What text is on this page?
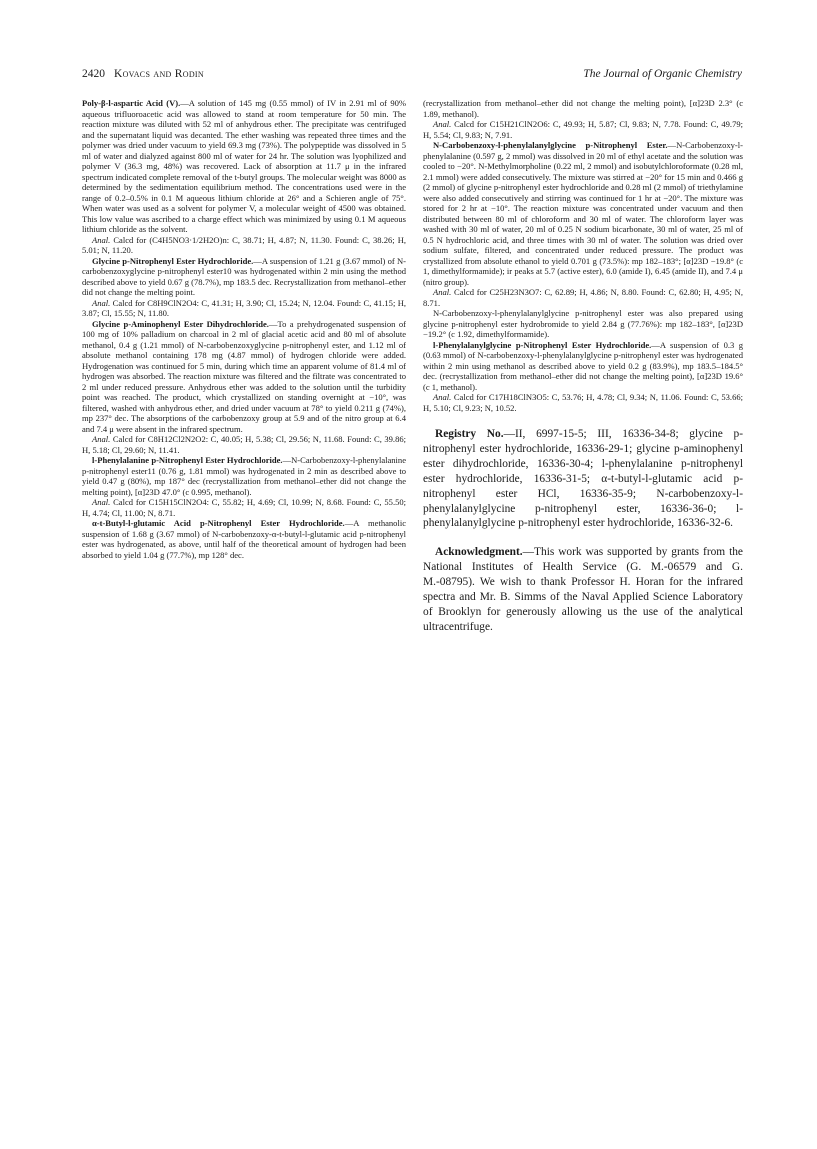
2420 Kovacs and Rodin	The Journal of Organic Chemistry

Poly-β-l-aspartic Acid (V).—A solution of 145 mg (0.55 mmol) of IV in 2.91 ml of 90% aqueous trifluoroacetic acid was allowed to stand at room temperature for 50 min. The reaction mixture was diluted with 52 ml of anhydrous ether. The precipitate was centrifuged and the supernatant liquid was decanted. The ether washing was repeated three times and the polymer was dried under vacuum to yield 69.3 mg (73%). The polypeptide was dissolved in 5 ml of water and dialyzed against 800 ml of water for 24 hr. The solution was lyophilized and polymer V (36.3 mg, 48%) was recovered. Lack of absorption at 11.7 μ in the infrared spectrum indicated complete removal of the t-butyl groups. The molecular weight was 8000 as determined by the sedimentation equilibrium method. The concentrations used were in the range of 0.2–0.5% in 0.1 M aqueous lithium chloride at 26° and a Schieren angle of 75°. When water was used as a solvent for polymer V, a molecular weight of 4500 was obtained. This low value was ascribed to a charge effect which was minimized by using 0.1 M aqueous lithium chloride as the solvent.

Anal. Calcd for (C4H5NO3·1/2H2O)n: C, 38.71; H, 4.87; N, 11.30. Found: C, 38.26; H, 5.01; N, 11.20.

Glycine p-Nitrophenyl Ester Hydrochloride.—A suspension of 1.21 g (3.67 mmol) of N-carbobenzoxyglycine p-nitrophenyl ester10 was hydrogenated within 2 min using the method described above to yield 0.67 g (78.7%), mp 183.5 dec. Recrystallization from methanol–ether did not change the melting point.

Anal. Calcd for C8H9ClN2O4: C, 41.31; H, 3.90; Cl, 15.24; N, 12.04. Found: C, 41.15; H, 3.87; Cl, 15.55; N, 11.80.

Glycine p-Aminophenyl Ester Dihydrochloride.—To a prehydrogenated suspension of 100 mg of 10% palladium on charcoal in 2 ml of glacial acetic acid and 80 ml of absolute methanol, 0.4 g (1.21 mmol) of N-carbobenzoxyglycine p-nitrophenyl ester, and 1.12 ml of absolute methanol containing 178 mg (4.87 mmol) of hydrogen chloride were added. Hydrogenation was continued for 5 min, during which time an apparent volume of 81.4 ml of hydrogen was absorbed. The reaction mixture was filtered and the filtrate was concentrated to 2 ml under reduced pressure. Anhydrous ether was added to the solution until the turbidity point was reached. The product, which crystallized on standing overnight at −10°, was filtered, washed with anhydrous ether, and dried under vacuum at 78° to yield 0.211 g (74%), mp 237° dec. The absorptions of the carbobenzoxy group at 5.9 and of the nitro group at 6.4 and 7.4 μ were absent in the infrared spectrum.

Anal. Calcd for C8H12Cl2N2O2: C, 40.05; H, 5.38; Cl, 29.56; N, 11.68. Found: C, 39.86; H, 5.18; Cl, 29.60; N, 11.41.

l-Phenylalanine p-Nitrophenyl Ester Hydrochloride.—N-Carbobenzoxy-l-phenylalanine p-nitrophenyl ester11 (0.76 g, 1.81 mmol) was hydrogenated in 2 min as described above to yield 0.47 g (80%), mp 187° dec (recrystallization from methanol–ether did not change the melting point), [α]23D 47.0° (c 0.995, methanol).

Anal. Calcd for C15H15ClN2O4: C, 55.82; H, 4.69; Cl, 10.99; N, 8.68. Found: C, 55.50; H, 4.74; Cl, 11.00; N, 8.71.

α-t-Butyl-l-glutamic Acid p-Nitrophenyl Ester Hydrochloride.—A methanolic suspension of 1.68 g (3.67 mmol) of N-carbobenzoxy-α-t-butyl-l-glutamic acid p-nitrophenyl ester was hydrogenated, as above, until half of the theoretical amount of hydrogen had been absorbed to yield 1.04 g (77.7%), mp 128° dec.

(recrystallization from methanol–ether did not change the melting point), [α]23D 2.3° (c 1.89, methanol).

Anal. Calcd for C15H21ClN2O6: C, 49.93; H, 5.87; Cl, 9.83; N, 7.78. Found: C, 49.79; H, 5.54; Cl, 9.83; N, 7.91.

N-Carbobenzoxy-l-phenylalanylglycine p-Nitrophenyl Ester.—N-Carbobenzoxy-l-phenylalanine (0.597 g, 2 mmol) was dissolved in 20 ml of ethyl acetate and the solution was cooled to −20°. N-Methylmorpholine (0.22 ml, 2 mmol) and isobutylchloroformate (0.28 ml, 2.1 mmol) were added consecutively. The mixture was stirred at −20° for 15 min and 0.466 g (2 mmol) of glycine p-nitrophenyl ester hydrochloride and 0.28 ml (2 mmol) of triethylamine were also added consecutively and stirring was continued for 1 hr at −20°. The mixture was stored for 2 hr at −10°. The reaction mixture was concentrated under vacuum and then distributed between 80 ml of chloroform and 30 ml of water. The chloroform layer was washed with 30 ml of water, 20 ml of 0.25 N sodium bicarbonate, 30 ml of water, 25 ml of 0.5 N hydrochloric acid, and three times with 30 ml of water. The solution was dried over sodium sulfate, filtered, and concentrated under reduced pressure. The product was crystallized from absolute ethanol to yield 0.701 g (73.5%): mp 182–183°; [α]23D −19.8° (c 1, dimethylformamide); ir peaks at 5.7 (active ester), 6.0 (amide I), 6.45 (amide II), and 7.4 μ (nitro group).

Anal. Calcd for C25H23N3O7: C, 62.89; H, 4.86; N, 8.80. Found: C, 62.80; H, 4.95; N, 8.71.

N-Carbobenzoxy-l-phenylalanylglycine p-nitrophenyl ester was also prepared using glycine p-nitrophenyl ester hydrobromide to yield 2.84 g (77.76%): mp 182–183°, [α]23D −19.2° (c 1.92, dimethylformamide).

l-Phenylalanylglycine p-Nitrophenyl Ester Hydrochloride.—A suspension of 0.3 g (0.63 mmol) of N-carbobenzoxy-l-phenylalanylglycine p-nitrophenyl ester was hydrogenated within 2 min using methanol as described above to yield 0.2 g (83.9%), mp 183.5–184.5° dec. (recrystallization from methanol–ether did not change the melting point), [α]23D 19.6° (c 1, methanol).

Anal. Calcd for C17H18ClN3O5: C, 53.76; H, 4.78; Cl, 9.34; N, 11.06. Found: C, 53.66; H, 5.10; Cl, 9.23; N, 10.52.

Registry No.—II, 6997-15-5; III, 16336-34-8; glycine p-nitrophenyl ester hydrochloride, 16336-29-1; glycine p-aminophenyl ester dihydrochloride, 16336-30-4; l-phenylalanine p-nitrophenyl ester hydrochloride, 16336-31-5; α-t-butyl-l-glutamic acid p-nitrophenyl ester HCl, 16336-35-9; N-carbobenzoxy-l-phenylalanylglycine p-nitrophenyl ester, 16336-36-0; l-phenylalanylglycine p-nitrophenyl ester hydrochloride, 16336-32-6.

Acknowledgment.—This work was supported by grants from the National Institutes of Health Service (G. M.-06579 and G. M.-08795). We wish to thank Professor H. Horan for the infrared spectra and Mr. B. Simms of the Naval Applied Science Laboratory of Brooklyn for generously allowing us the use of the analytical ultracentrifuge.
